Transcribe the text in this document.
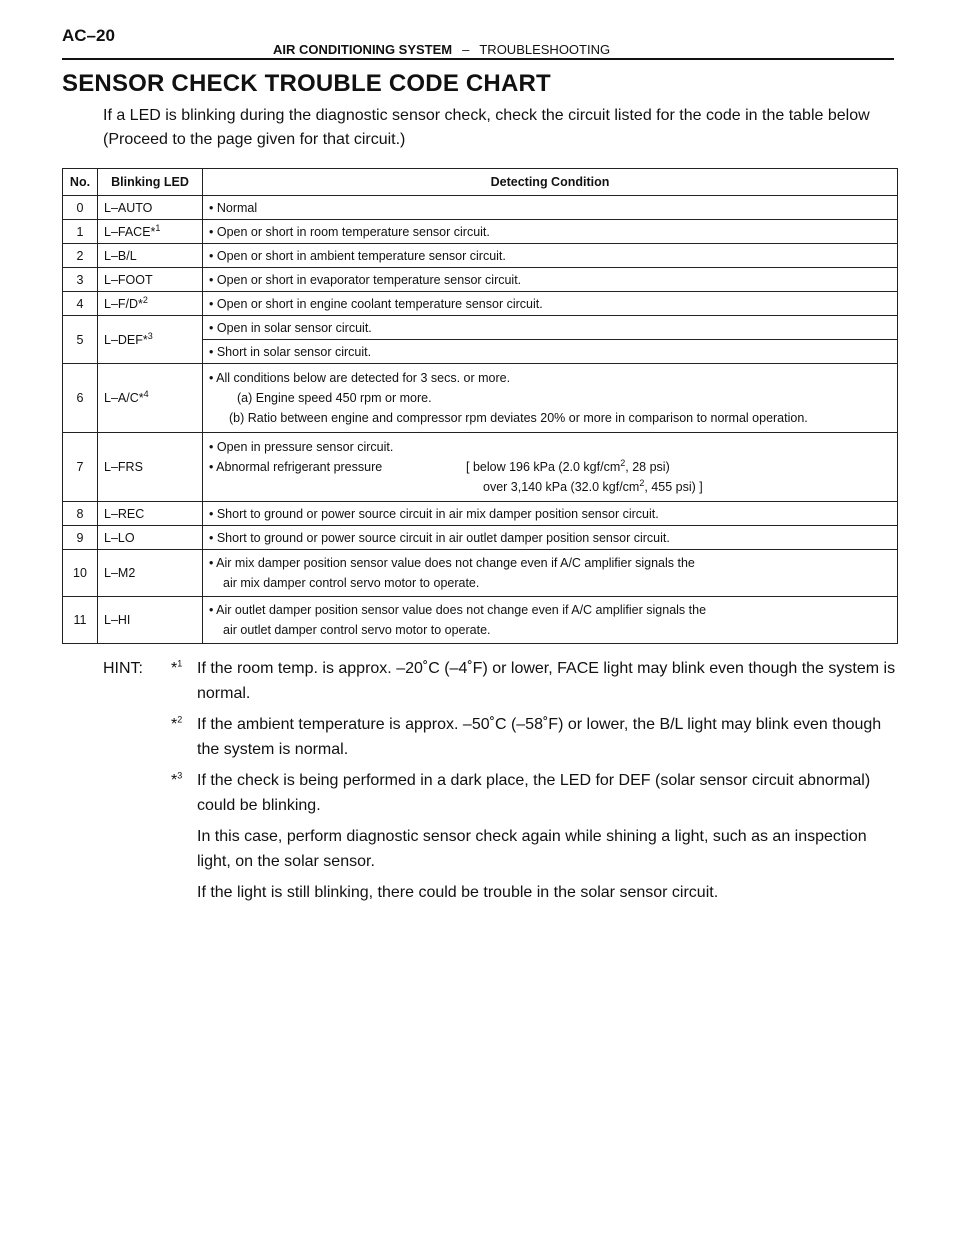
AC–20
AIR CONDITIONING SYSTEM – TROUBLESHOOTING
SENSOR CHECK TROUBLE CODE CHART

If a LED is blinking during the diagnostic sensor check, check the circuit listed for the code in the table below

(Proceed to the page given for that circuit.)

No.	Blinking LED	Detecting Condition
0	L–AUTO	• Normal
1	L–FACE*$^1$	• Open or short in room temperature sensor circuit.
2	L–B/L	• Open or short in ambient temperature sensor circuit.
3	L–FOOT	• Open or short in evaporator temperature sensor circuit.
4	L–F/D*$^2$	• Open or short in engine coolant temperature sensor circuit.
5	L–DEF*$^3$	• Open in solar sensor circuit.
		• Short in solar sensor circuit.
6	L–A/C*$^4$	• All conditions below are detected for 3 secs. or more.
(a) Engine speed 450 rpm or more.
(b) Ratio between engine and compressor rpm deviates 20% or more in comparison to normal operation.

7	L–FRS	• Open in pressure sensor circuit.
• Abnormal refrigerant pressure [ below 196 kPa (2.0 kgf/$cm^2$, 28 psi)
over 3,140 kPa (32.0 kgf/$cm^2$, 455 psi) ]

8	L–REC	• Short to ground or power source circuit in air mix damper position sensor circuit.
9	L–LO	• Short to ground or power source circuit in air outlet damper position sensor circuit.
10	L–M2	• Air mix damper position sensor value does not change even if A/C amplifier signals the
air mix damper control servo motor to operate.

11	L–HI	• Air outlet damper position sensor value does not change even if A/C amplifier signals the
air outlet damper control servo motor to operate.
HINT:	*$^1$ If the room temp. is approx. –20˚C (–4˚F) or lower, FACE light may blink even though the system is normal.
*$^2$ If the ambient temperature is approx. –50˚C (–58˚F) or lower, the B/L light may blink even though the system is normal.
*$^3$ If the check is being performed in a dark place, the LED for DEF (solar sensor circuit abnormal) could be blinking.
In this case, perform diagnostic sensor check again while shining a light, such as an inspection light, on the solar sensor.
If the light is still blinking, there could be trouble in the solar sensor circuit.
